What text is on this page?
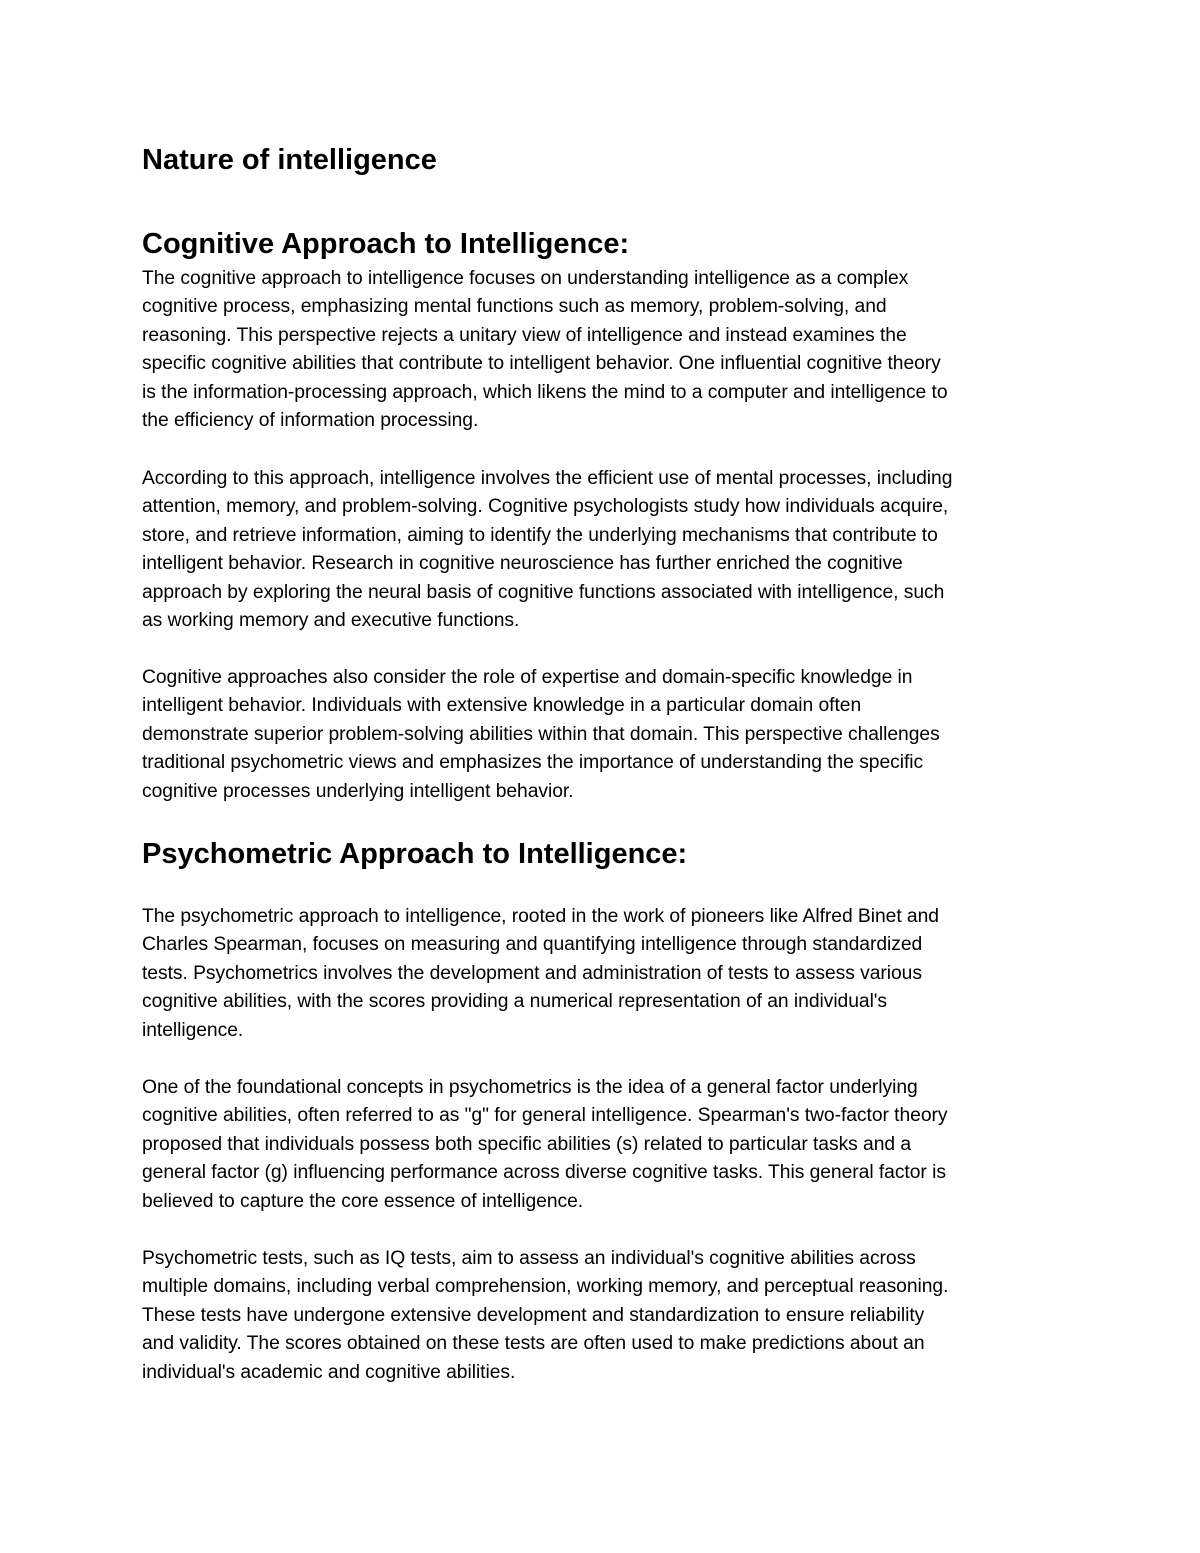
Nature of intelligence
Cognitive Approach to Intelligence:
The cognitive approach to intelligence focuses on understanding intelligence as a complex
cognitive process, emphasizing mental functions such as memory, problem-solving, and
reasoning. This perspective rejects a unitary view of intelligence and instead examines the
specific cognitive abilities that contribute to intelligent behavior. One influential cognitive theory
is the information-processing approach, which likens the mind to a computer and intelligence to
the efficiency of information processing.
According to this approach, intelligence involves the efficient use of mental processes, including
attention, memory, and problem-solving. Cognitive psychologists study how individuals acquire,
store, and retrieve information, aiming to identify the underlying mechanisms that contribute to
intelligent behavior. Research in cognitive neuroscience has further enriched the cognitive
approach by exploring the neural basis of cognitive functions associated with intelligence, such
as working memory and executive functions.
Cognitive approaches also consider the role of expertise and domain-specific knowledge in
intelligent behavior. Individuals with extensive knowledge in a particular domain often
demonstrate superior problem-solving abilities within that domain. This perspective challenges
traditional psychometric views and emphasizes the importance of understanding the specific
cognitive processes underlying intelligent behavior.
Psychometric Approach to Intelligence:
The psychometric approach to intelligence, rooted in the work of pioneers like Alfred Binet and
Charles Spearman, focuses on measuring and quantifying intelligence through standardized
tests. Psychometrics involves the development and administration of tests to assess various
cognitive abilities, with the scores providing a numerical representation of an individual's
intelligence.
One of the foundational concepts in psychometrics is the idea of a general factor underlying
cognitive abilities, often referred to as "g" for general intelligence. Spearman's two-factor theory
proposed that individuals possess both specific abilities (s) related to particular tasks and a
general factor (g) influencing performance across diverse cognitive tasks. This general factor is
believed to capture the core essence of intelligence.
Psychometric tests, such as IQ tests, aim to assess an individual's cognitive abilities across
multiple domains, including verbal comprehension, working memory, and perceptual reasoning.
These tests have undergone extensive development and standardization to ensure reliability
and validity. The scores obtained on these tests are often used to make predictions about an
individual's academic and cognitive abilities.
